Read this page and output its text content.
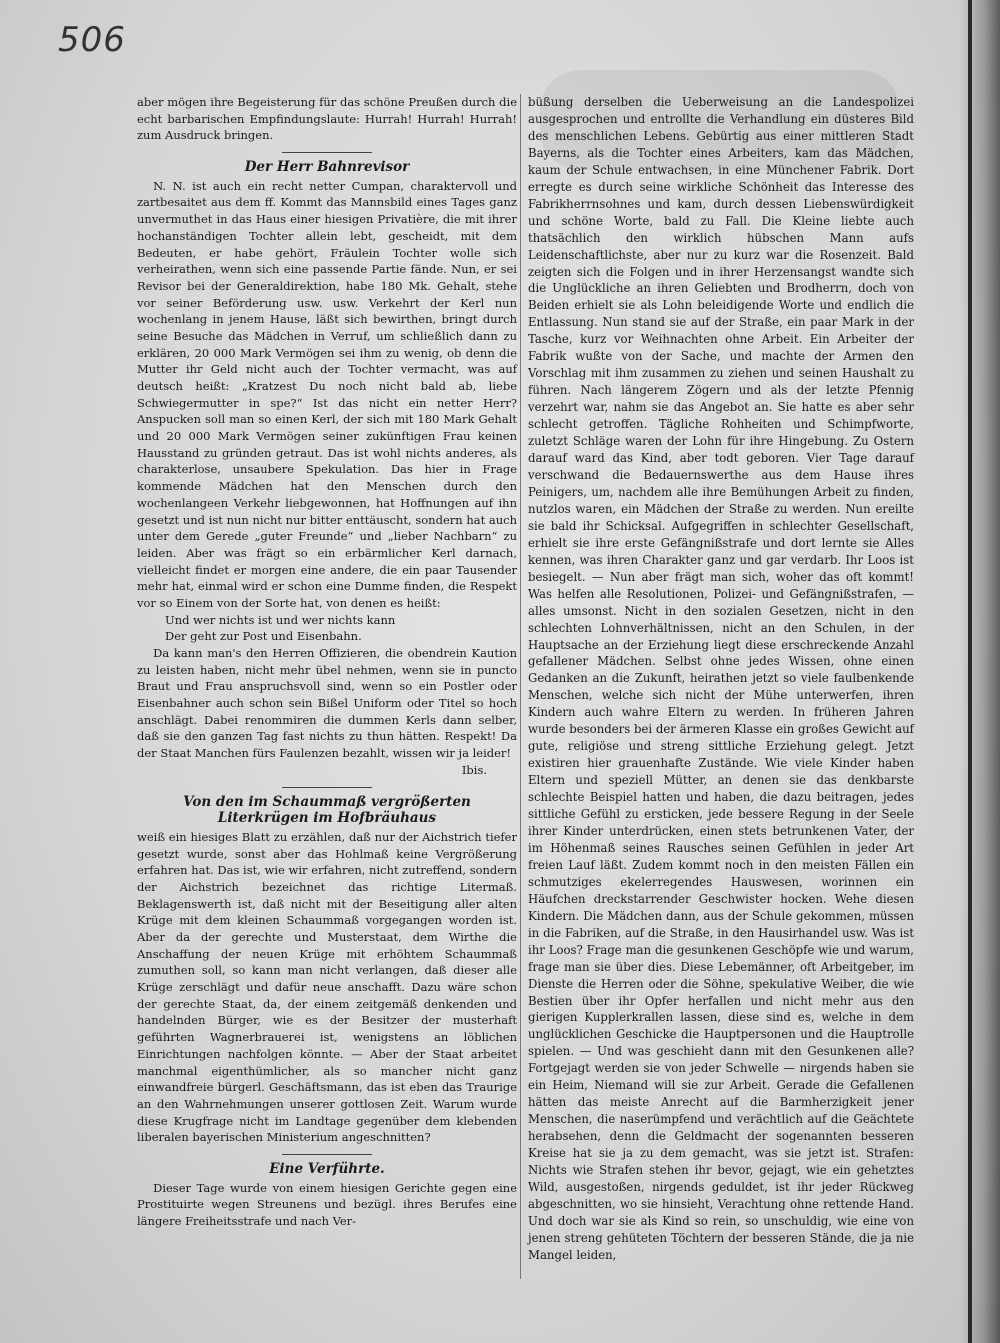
506

aber mögen ihre Begeisterung für das schöne Preußen durch die echt barbarischen Empfindungslaute: Hurrah! Hurrah! Hurrah! zum Ausdruck bringen.

Der Herr Bahnrevisor

N. N. ist auch ein recht netter Cumpan, charaktervoll und zartbesaitet aus dem ff. Kommt das Mannsbild eines Tages ganz unvermuthet in das Haus einer hiesigen Privatière, die mit ihrer hochanständigen Tochter allein lebt, gescheidt, mit dem Bedeuten, er habe gehört, Fräulein Tochter wolle sich verheirathen, wenn sich eine passende Partie fände. Nun, er sei Revisor bei der Generaldirektion, habe 180 Mk. Gehalt, stehe vor seiner Beförderung usw. usw. Verkehrt der Kerl nun wochenlang in jenem Hause, läßt sich bewirthen, bringt durch seine Besuche das Mädchen in Verruf, um schließlich dann zu erklären, 20 000 Mark Vermögen sei ihm zu wenig, ob denn die Mutter ihr Geld nicht auch der Tochter vermacht, was auf deutsch heißt: „Kratzest Du noch nicht bald ab, liebe Schwiegermutter in spe?“ Ist das nicht ein netter Herr? Anspucken soll man so einen Kerl, der sich mit 180 Mark Gehalt und 20 000 Mark Vermögen seiner zukünftigen Frau keinen Hausstand zu gründen getraut. Das ist wohl nichts anderes, als charakterlose, unsaubere Spekulation. Das hier in Frage kommende Mädchen hat den Menschen durch den wochenlangeen Verkehr liebgewonnen, hat Hoffnungen auf ihn gesetzt und ist nun nicht nur bitter enttäuscht, sondern hat auch unter dem Gerede „guter Freunde“ und „lieber Nachbarn“ zu leiden. Aber was frägt so ein erbärmlicher Kerl darnach, vielleicht findet er morgen eine andere, die ein paar Tausender mehr hat, einmal wird er schon eine Dumme finden, die Respekt vor so Einem von der Sorte hat, von denen es heißt:

Und wer nichts ist und wer nichts kann

Der geht zur Post und Eisenbahn.

Da kann man's den Herren Offizieren, die obendrein Kaution zu leisten haben, nicht mehr übel nehmen, wenn sie in puncto Braut und Frau anspruchsvoll sind, wenn so ein Postler oder Eisenbahner auch schon sein Bißel Uniform oder Titel so hoch anschlägt. Dabei renommiren die dummen Kerls dann selber, daß sie den ganzen Tag fast nichts zu thun hätten. Respekt! Da der Staat Manchen fürs Faulenzen bezahlt, wissen wir ja leider!

Ibis.

Von den im Schaummaß vergrößerten Literkrügen im Hofbräuhaus

weiß ein hiesiges Blatt zu erzählen, daß nur der Aichstrich tiefer gesetzt wurde, sonst aber das Hohlmaß keine Vergrößerung erfahren hat. Das ist, wie wir erfahren, nicht zutreffend, sondern der Aichstrich bezeichnet das richtige Litermaß. Beklagenswerth ist, daß nicht mit der Beseitigung aller alten Krüge mit dem kleinen Schaummaß vorgegangen worden ist. Aber da der gerechte und Musterstaat, dem Wirthe die Anschaffung der neuen Krüge mit erhöhtem Schaummaß zumuthen soll, so kann man nicht verlangen, daß dieser alle Krüge zerschlägt und dafür neue anschafft. Dazu wäre schon der gerechte Staat, da, der einem zeitgemäß denkenden und handelnden Bürger, wie es der Besitzer der musterhaft geführten Wagnerbrauerei ist, wenigstens an löblichen Einrichtungen nachfolgen könnte. — Aber der Staat arbeitet manchmal eigenthümlicher, als so mancher nicht ganz einwandfreie bürgerl. Geschäftsmann, das ist eben das Traurige an den Wahrnehmungen unserer gottlosen Zeit. Warum wurde diese Krugfrage nicht im Landtage gegenüber dem klebenden liberalen bayerischen Ministerium angeschnitten?

Eine Verführte.

Dieser Tage wurde von einem hiesigen Gerichte gegen eine Prostituirte wegen Streunens und bezügl. ihres Berufes eine längere Freiheitsstrafe und nach Ver-

büßung derselben die Ueberweisung an die Landespolizei ausgesprochen und entrollte die Verhandlung ein düsteres Bild des menschlichen Lebens. Gebürtig aus einer mittleren Stadt Bayerns, als die Tochter eines Arbeiters, kam das Mädchen, kaum der Schule entwachsen, in eine Münchener Fabrik. Dort erregte es durch seine wirkliche Schönheit das Interesse des Fabrikherrnsohnes und kam, durch dessen Liebenswürdigkeit und schöne Worte, bald zu Fall. Die Kleine liebte auch thatsächlich den wirklich hübschen Mann aufs Leidenschaftlichste, aber nur zu kurz war die Rosenzeit. Bald zeigten sich die Folgen und in ihrer Herzensangst wandte sich die Unglückliche an ihren Geliebten und Brodherrn, doch von Beiden erhielt sie als Lohn beleidigende Worte und endlich die Entlassung. Nun stand sie auf der Straße, ein paar Mark in der Tasche, kurz vor Weihnachten ohne Arbeit. Ein Arbeiter der Fabrik wußte von der Sache, und machte der Armen den Vorschlag mit ihm zusammen zu ziehen und seinen Haushalt zu führen. Nach längerem Zögern und als der letzte Pfennig verzehrt war, nahm sie das Angebot an. Sie hatte es aber sehr schlecht getroffen. Tägliche Rohheiten und Schimpfworte, zuletzt Schläge waren der Lohn für ihre Hingebung. Zu Ostern darauf ward das Kind, aber todt geboren. Vier Tage darauf verschwand die Bedauernswerthe aus dem Hause ihres Peinigers, um, nachdem alle ihre Bemühungen Arbeit zu finden, nutzlos waren, ein Mädchen der Straße zu werden. Nun ereilte sie bald ihr Schicksal. Aufgegriffen in schlechter Gesellschaft, erhielt sie ihre erste Gefängnißstrafe und dort lernte sie Alles kennen, was ihren Charakter ganz und gar verdarb. Ihr Loos ist besiegelt. — Nun aber frägt man sich, woher das oft kommt! Was helfen alle Resolutionen, Polizei- und Gefängnißstrafen, — alles umsonst. Nicht in den sozialen Gesetzen, nicht in den schlechten Lohnverhältnissen, nicht an den Schulen, in der Hauptsache an der Erziehung liegt diese erschreckende Anzahl gefallener Mädchen. Selbst ohne jedes Wissen, ohne einen Gedanken an die Zukunft, heirathen jetzt so viele faulbenkende Menschen, welche sich nicht der Mühe unterwerfen, ihren Kindern auch wahre Eltern zu werden. In früheren Jahren wurde besonders bei der ärmeren Klasse ein großes Gewicht auf gute, religiöse und streng sittliche Erziehung gelegt. Jetzt existiren hier grauenhafte Zustände. Wie viele Kinder haben Eltern und speziell Mütter, an denen sie das denkbarste schlechte Beispiel hatten und haben, die dazu beitragen, jedes sittliche Gefühl zu ersticken, jede bessere Regung in der Seele ihrer Kinder unterdrücken, einen stets betrunkenen Vater, der im Höhenmaß seines Rausches seinen Gefühlen in jeder Art freien Lauf läßt. Zudem kommt noch in den meisten Fällen ein schmutziges ekelerregendes Hauswesen, worinnen ein Häufchen dreckstarrender Geschwister hocken. Wehe diesen Kindern. Die Mädchen dann, aus der Schule gekommen, müssen in die Fabriken, auf die Straße, in den Hausirhandel usw. Was ist ihr Loos? Frage man die gesunkenen Geschöpfe wie und warum, frage man sie über dies. Diese Lebemänner, oft Arbeitgeber, im Dienste die Herren oder die Söhne, spekulative Weiber, die wie Bestien über ihr Opfer herfallen und nicht mehr aus den gierigen Kupplerkrallen lassen, diese sind es, welche in dem unglücklichen Geschicke die Hauptpersonen und die Hauptrolle spielen. — Und was geschieht dann mit den Gesunkenen alle? Fortgejagt werden sie von jeder Schwelle — nirgends haben sie ein Heim, Niemand will sie zur Arbeit. Gerade die Gefallenen hätten das meiste Anrecht auf die Barmherzigkeit jener Menschen, die naserümpfend und verächtlich auf die Geächtete herabsehen, denn die Geldmacht der sogenannten besseren Kreise hat sie ja zu dem gemacht, was sie jetzt ist. Strafen: Nichts wie Strafen stehen ihr bevor, gejagt, wie ein gehetztes Wild, ausgestoßen, nirgends geduldet, ist ihr jeder Rückweg abgeschnitten, wo sie hinsieht, Verachtung ohne rettende Hand. Und doch war sie als Kind so rein, so unschuldig, wie eine von jenen streng gehüteten Töchtern der besseren Stände, die ja nie Mangel leiden,
